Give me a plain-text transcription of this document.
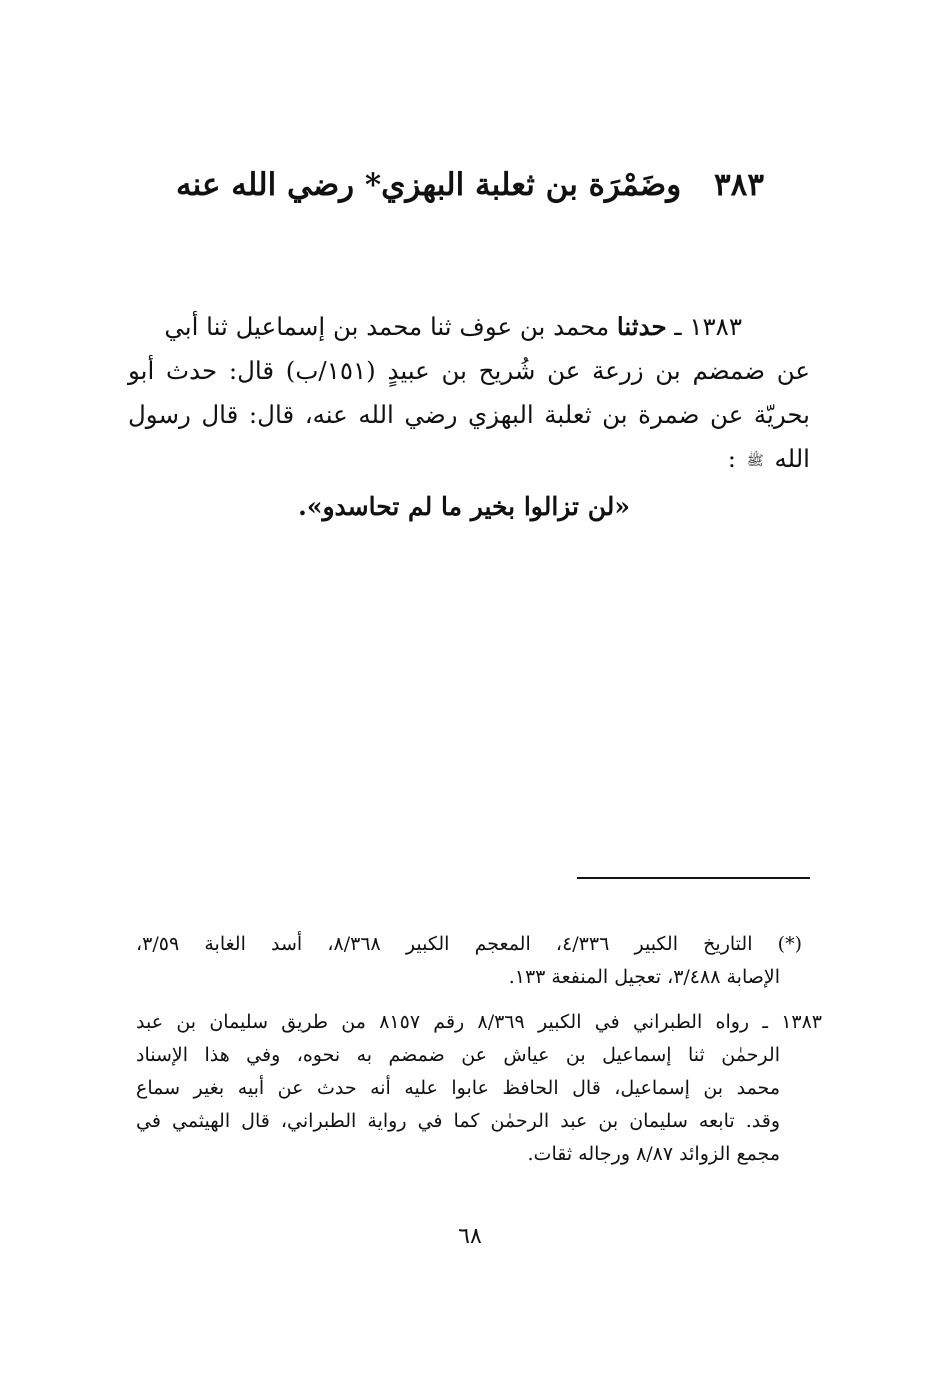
٣٨٣ وضَمْرَة بن ثعلبة البهزي* رضي الله عنه

١٣٨٣ ـ حدثنا محمد بن عوف ثنا محمد بن إسماعيل ثنا أبي

عن ضمضم بن زرعة عن شُريح بن عبيدٍ (١٥١/ب) قال: حدث أبو

بحريّة عن ضمرة بن ثعلبة البهزي رضي الله عنه، قال: قال رسول

الله ﷺ :

«لن تزالوا بخير ما لم تحاسدو».

(*) التاريخ الكبير ٤/٣٣٦، المعجم الكبير ٨/٣٦٨، أسد الغابة ٣/٥٩،
الإصابة ٣/٤٨٨، تعجيل المنفعة ١٣٣.
١٣٨٣ ـ رواه الطبراني في الكبير ٨/٣٦٩ رقم ٨١٥٧ من طريق سليمان بن عبد
الرحمٰن ثنا إسماعيل بن عياش عن ضمضم به نحوه، وفي هذا الإسناد
محمد بن إسماعيل، قال الحافظ عابوا عليه أنه حدث عن أبيه بغير سماع
وقد. تابعه سليمان بن عبد الرحمٰن كما في رواية الطبراني، قال الهيثمي في
مجمع الزوائد ٨/٨٧ ورجاله ثقات.
٦٨
